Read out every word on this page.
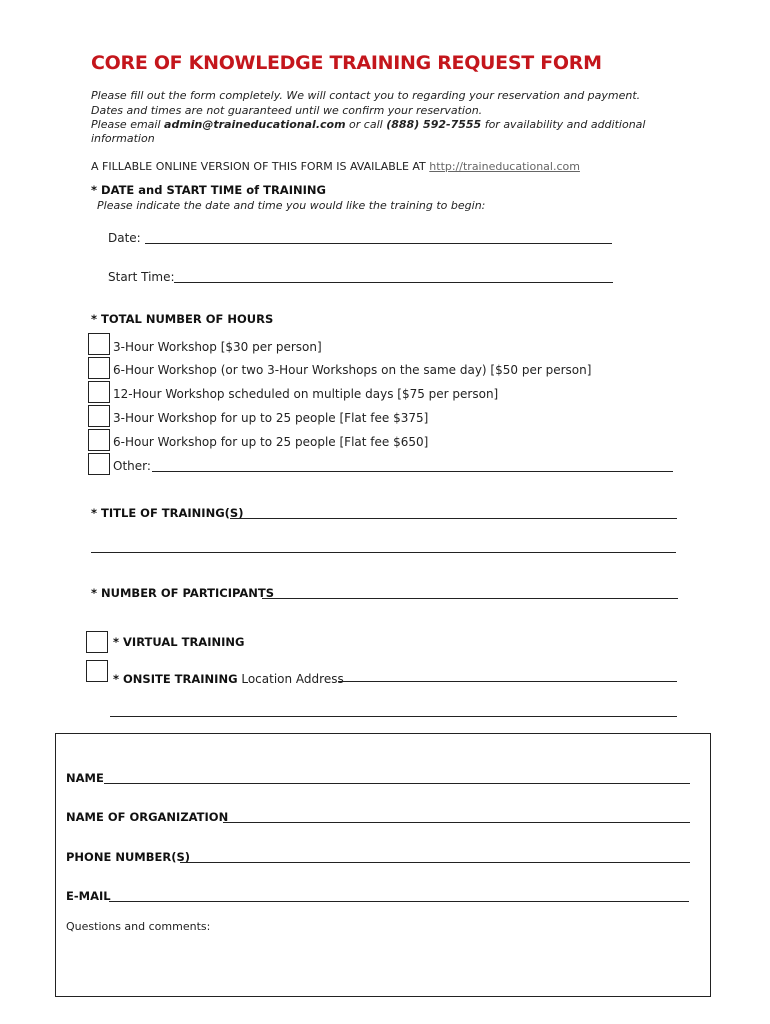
CORE OF KNOWLEDGE TRAINING REQUEST FORM
Please fill out the form completely. We will contact you to regarding your reservation and payment.
Dates and times are not guaranteed until we confirm your reservation.
Please email admin@traineducational.com or call (888) 592-7555 for availability and additional
information
A FILLABLE ONLINE VERSION OF THIS FORM IS AVAILABLE AT http://traineducational.com
* DATE and START TIME of TRAINING
Please indicate the date and time you would like the training to begin:
Date:
Start Time:
* TOTAL NUMBER OF HOURS
3-Hour Workshop [$30 per person]
6-Hour Workshop (or two 3-Hour Workshops on the same day) [$50 per person]
12-Hour Workshop scheduled on multiple days [$75 per person]
3-Hour Workshop for up to 25 people [Flat fee $375]
6-Hour Workshop for up to 25 people [Flat fee $650]
Other:
* TITLE OF TRAINING(S)
* NUMBER OF PARTICIPANTS
* VIRTUAL TRAINING
* ONSITE TRAINING Location Address
NAME
NAME OF ORGANIZATION
PHONE NUMBER(S)
E-MAIL
Questions and comments:
